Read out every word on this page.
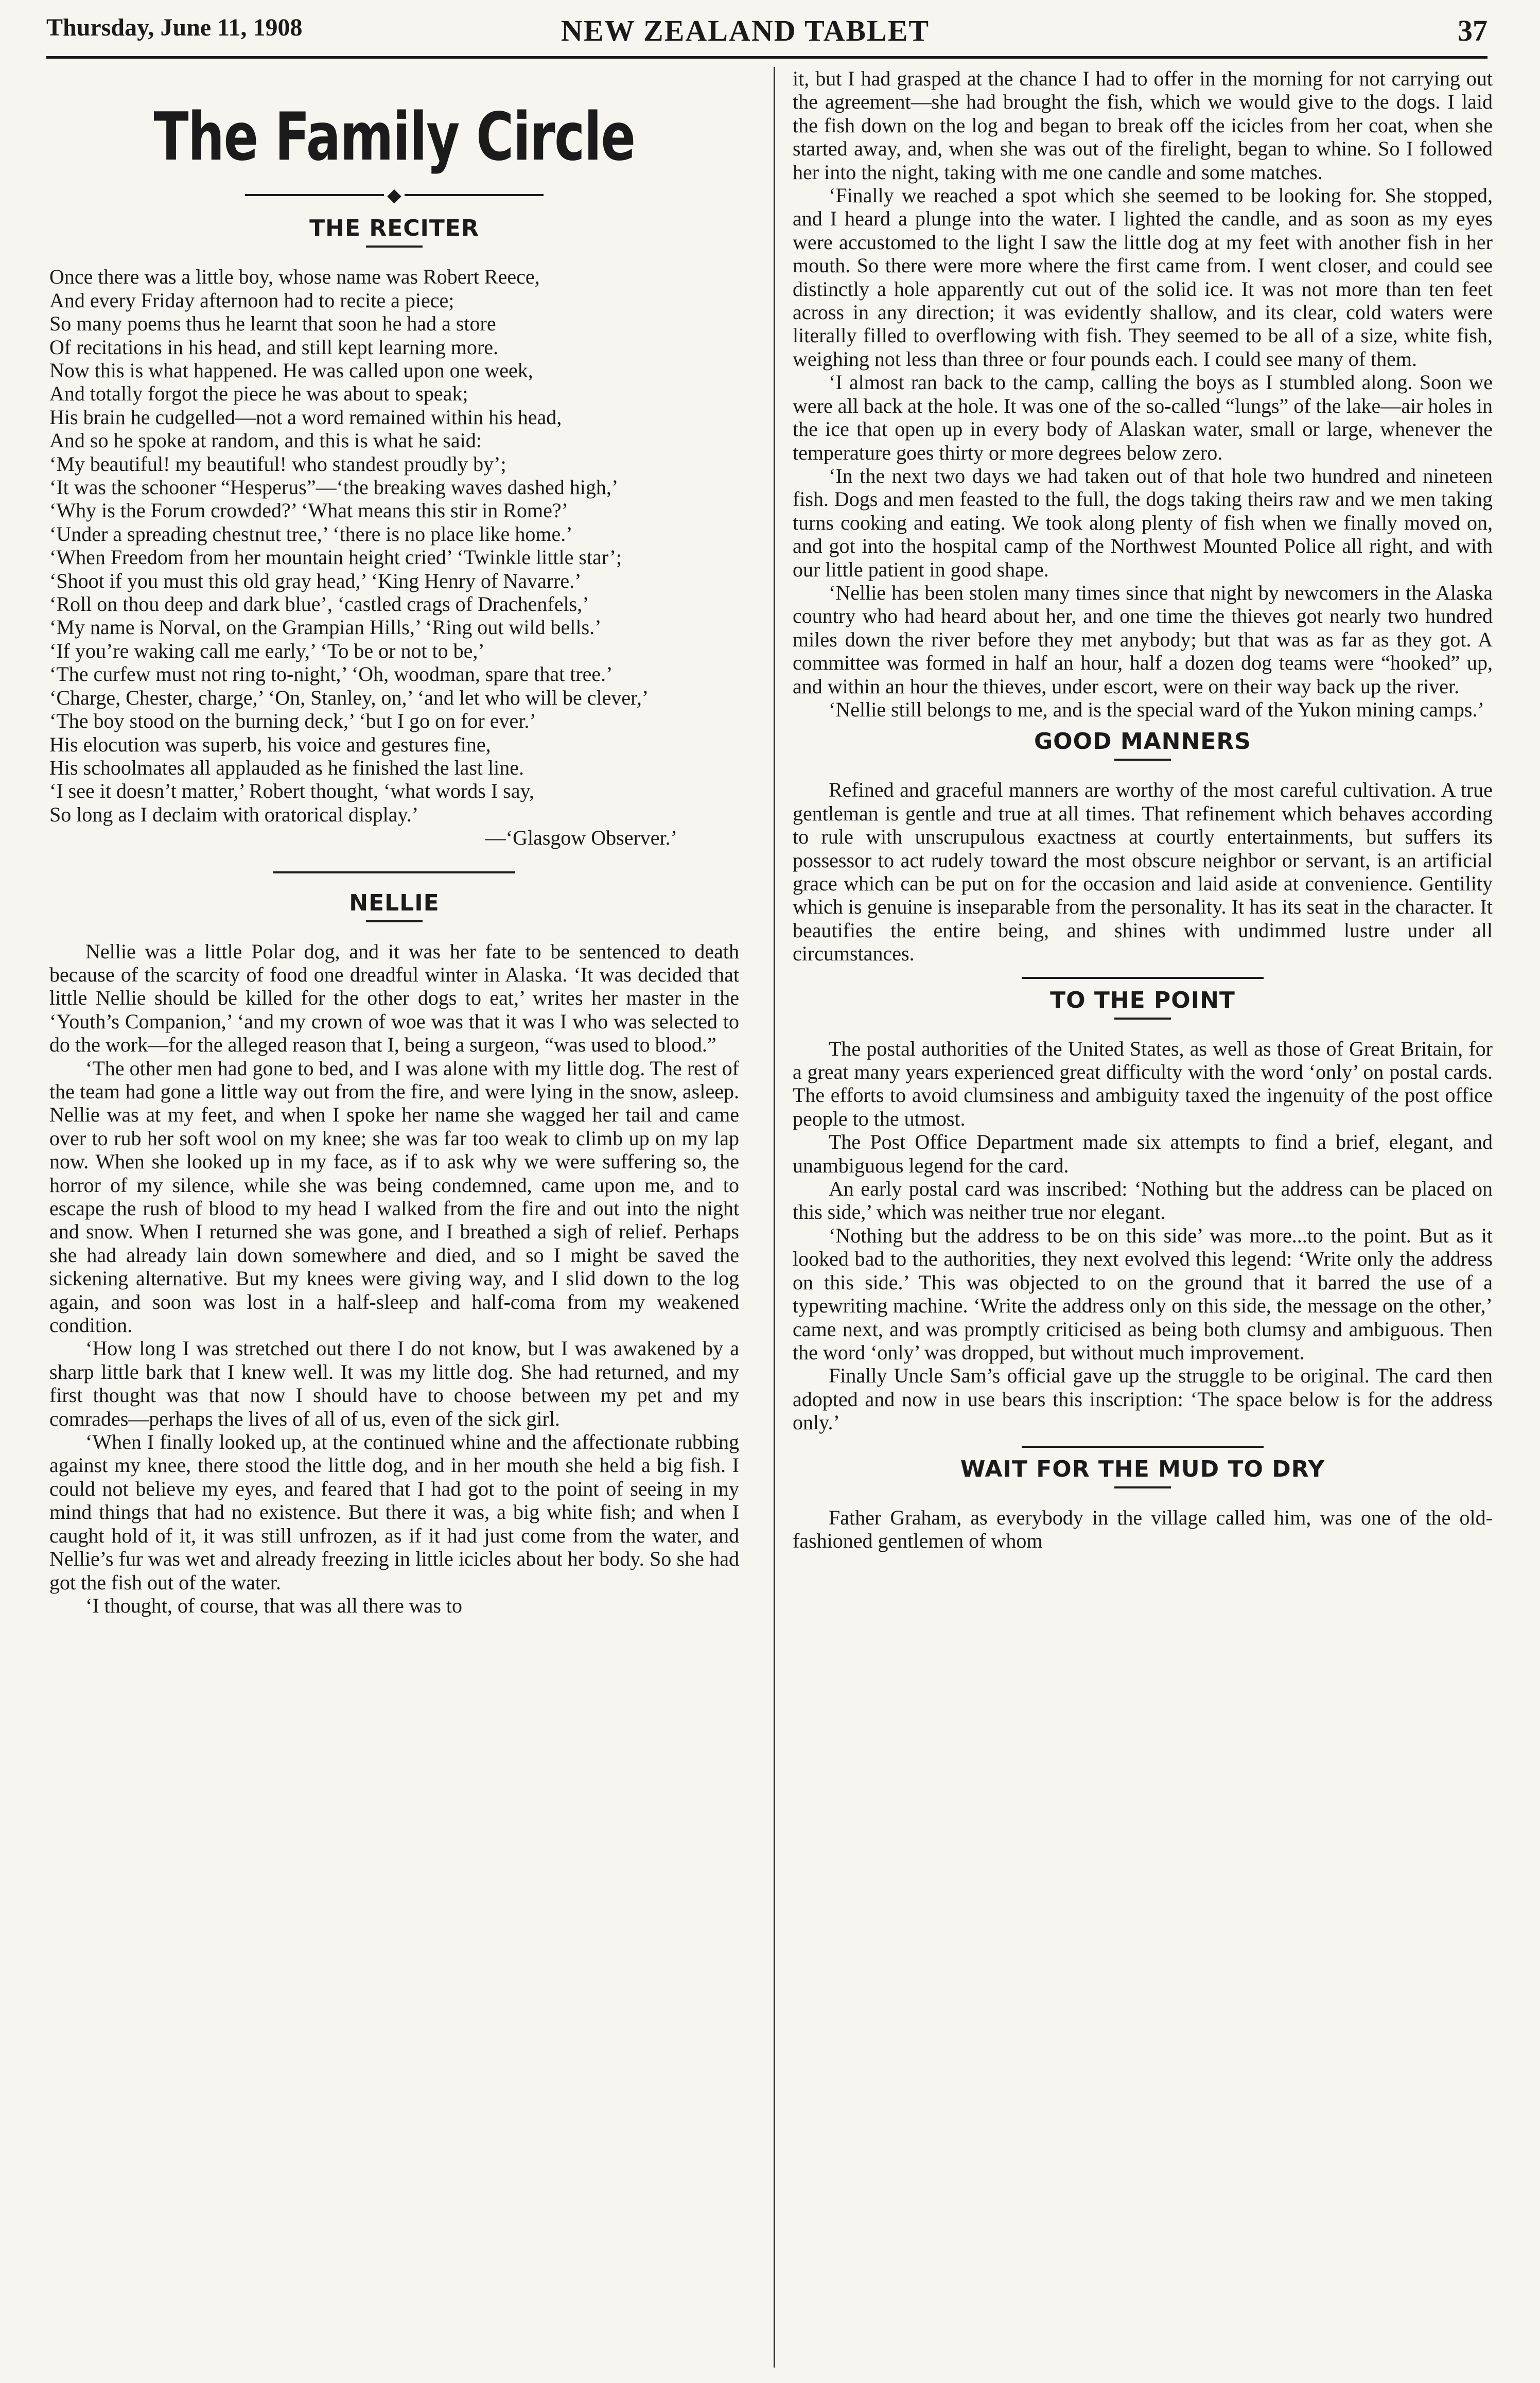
Thursday, June 11, 1908	NEW ZEALAND TABLET	37
The Family Circle
◆
THE RECITER

Once there was a little boy, whose name was Robert Reece,

And every Friday afternoon had to recite a piece;

So many poems thus he learnt that soon he had a store

Of recitations in his head, and still kept learning more.

Now this is what happened. He was called upon one week,

And totally forgot the piece he was about to speak;

His brain he cudgelled—not a word remained within his head,

And so he spoke at random, and this is what he said:

‘My beautiful! my beautiful! who standest proudly by’;

‘It was the schooner “Hesperus”—‘the breaking waves dashed high,’

‘Why is the Forum crowded?’ ‘What means this stir in Rome?’

‘Under a spreading chestnut tree,’ ‘there is no place like home.’

‘When Freedom from her mountain height cried’ ‘Twinkle little star’;

‘Shoot if you must this old gray head,’ ‘King Henry of Navarre.’

‘Roll on thou deep and dark blue’, ‘castled crags of Drachenfels,’

‘My name is Norval, on the Grampian Hills,’ ‘Ring out wild bells.’

‘If you’re waking call me early,’ ‘To be or not to be,’

‘The curfew must not ring to-night,’ ‘Oh, woodman, spare that tree.’

‘Charge, Chester, charge,’ ‘On, Stanley, on,’ ‘and let who will be clever,’

‘The boy stood on the burning deck,’ ‘but I go on for ever.’

His elocution was superb, his voice and gestures fine,

His schoolmates all applauded as he finished the last line.

‘I see it doesn’t matter,’ Robert thought, ‘what words I say,

So long as I declaim with oratorical display.’

—‘Glasgow Observer.’

NELLIE

Nellie was a little Polar dog, and it was her fate to be sentenced to death because of the scarcity of food one dreadful winter in Alaska. ‘It was decided that little Nellie should be killed for the other dogs to eat,’ writes her master in the ‘Youth’s Companion,’ ‘and my crown of woe was that it was I who was selected to do the work—for the alleged reason that I, being a surgeon, “was used to blood.”

‘The other men had gone to bed, and I was alone with my little dog. The rest of the team had gone a little way out from the fire, and were lying in the snow, asleep. Nellie was at my feet, and when I spoke her name she wagged her tail and came over to rub her soft wool on my knee; she was far too weak to climb up on my lap now. When she looked up in my face, as if to ask why we were suffering so, the horror of my silence, while she was being condemned, came upon me, and to escape the rush of blood to my head I walked from the fire and out into the night and snow. When I returned she was gone, and I breathed a sigh of relief. Perhaps she had already lain down somewhere and died, and so I might be saved the sickening alternative. But my knees were giving way, and I slid down to the log again, and soon was lost in a half-sleep and half-coma from my weakened condition.

‘How long I was stretched out there I do not know, but I was awakened by a sharp little bark that I knew well. It was my little dog. She had returned, and my first thought was that now I should have to choose between my pet and my comrades—perhaps the lives of all of us, even of the sick girl.

‘When I finally looked up, at the continued whine and the affectionate rubbing against my knee, there stood the little dog, and in her mouth she held a big fish. I could not believe my eyes, and feared that I had got to the point of seeing in my mind things that had no existence. But there it was, a big white fish; and when I caught hold of it, it was still unfrozen, as if it had just come from the water, and Nellie’s fur was wet and already freezing in little icicles about her body. So she had got the fish out of the water.

‘I thought, of course, that was all there was to

it, but I had grasped at the chance I had to offer in the morning for not carrying out the agreement—she had brought the fish, which we would give to the dogs. I laid the fish down on the log and began to break off the icicles from her coat, when she started away, and, when she was out of the firelight, began to whine. So I followed her into the night, taking with me one candle and some matches.

‘Finally we reached a spot which she seemed to be looking for. She stopped, and I heard a plunge into the water. I lighted the candle, and as soon as my eyes were accustomed to the light I saw the little dog at my feet with another fish in her mouth. So there were more where the first came from. I went closer, and could see distinctly a hole apparently cut out of the solid ice. It was not more than ten feet across in any direction; it was evidently shallow, and its clear, cold waters were literally filled to overflowing with fish. They seemed to be all of a size, white fish, weighing not less than three or four pounds each. I could see many of them.

‘I almost ran back to the camp, calling the boys as I stumbled along. Soon we were all back at the hole. It was one of the so-called “lungs” of the lake—air holes in the ice that open up in every body of Alaskan water, small or large, whenever the temperature goes thirty or more degrees below zero.

‘In the next two days we had taken out of that hole two hundred and nineteen fish. Dogs and men feasted to the full, the dogs taking theirs raw and we men taking turns cooking and eating. We took along plenty of fish when we finally moved on, and got into the hospital camp of the Northwest Mounted Police all right, and with our little patient in good shape.

‘Nellie has been stolen many times since that night by newcomers in the Alaska country who had heard about her, and one time the thieves got nearly two hundred miles down the river before they met anybody; but that was as far as they got. A committee was formed in half an hour, half a dozen dog teams were “hooked” up, and within an hour the thieves, under escort, were on their way back up the river.

‘Nellie still belongs to me, and is the special ward of the Yukon mining camps.’

GOOD MANNERS

Refined and graceful manners are worthy of the most careful cultivation. A true gentleman is gentle and true at all times. That refinement which behaves according to rule with unscrupulous exactness at courtly entertainments, but suffers its possessor to act rudely toward the most obscure neighbor or servant, is an artificial grace which can be put on for the occasion and laid aside at convenience. Gentility which is genuine is inseparable from the personality. It has its seat in the character. It beautifies the entire being, and shines with undimmed lustre under all circumstances.

TO THE POINT

The postal authorities of the United States, as well as those of Great Britain, for a great many years experienced great difficulty with the word ‘only’ on postal cards. The efforts to avoid clumsiness and ambiguity taxed the ingenuity of the post office people to the utmost.

The Post Office Department made six attempts to find a brief, elegant, and unambiguous legend for the card.

An early postal card was inscribed: ‘Nothing but the address can be placed on this side,’ which was neither true nor elegant.

‘Nothing but the address to be on this side’ was more...to the point. But as it looked bad to the authorities, they next evolved this legend: ‘Write only the address on this side.’ This was objected to on the ground that it barred the use of a typewriting machine. ‘Write the address only on this side, the message on the other,’ came next, and was promptly criticised as being both clumsy and ambiguous. Then the word ‘only’ was dropped, but without much improvement.

Finally Uncle Sam’s official gave up the struggle to be original. The card then adopted and now in use bears this inscription: ‘The space below is for the address only.’

WAIT FOR THE MUD TO DRY

Father Graham, as everybody in the village called him, was one of the old-fashioned gentlemen of whom
